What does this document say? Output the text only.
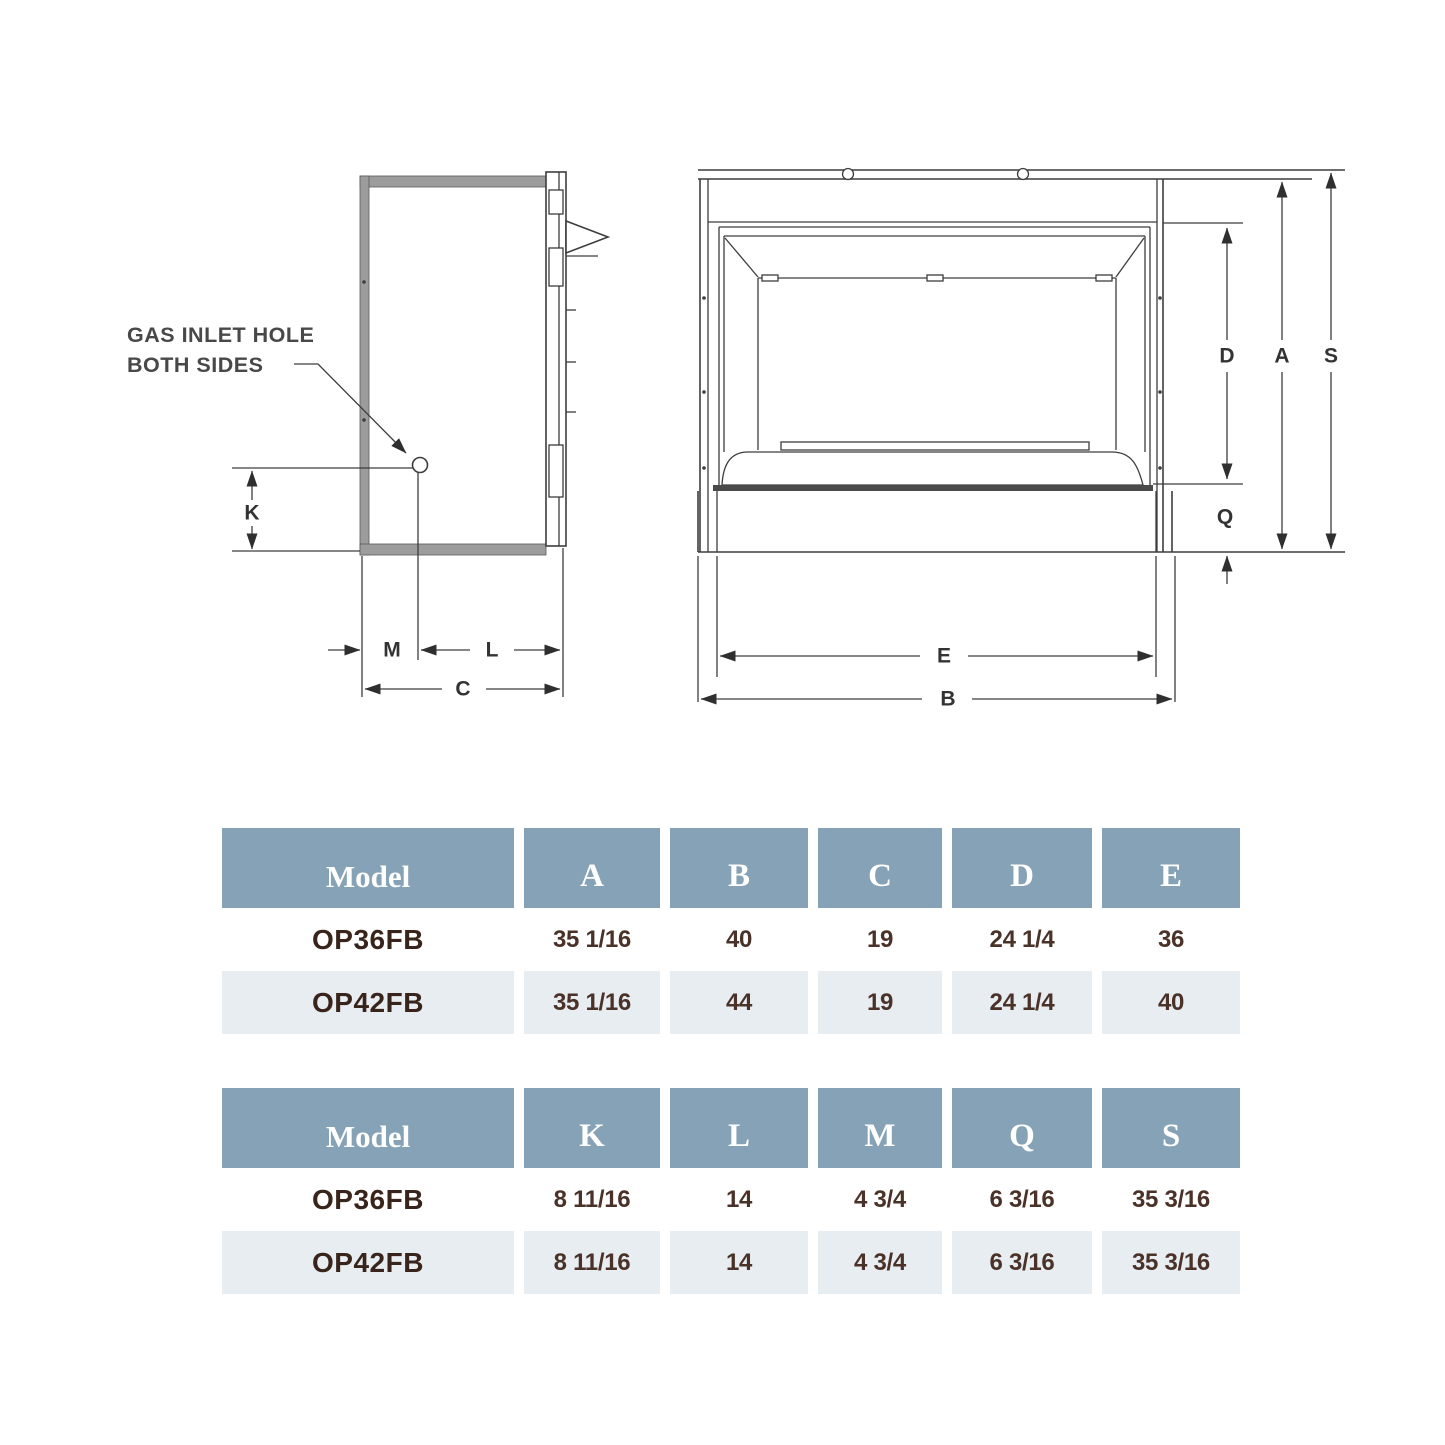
GAS INLET HOLE
BOTH SIDES
K
M	L
C
D A S
Q
E
B
Model	A	B	C	D	E
OP36FB	35 1/16	40	19	24 1/4	36
OP42FB	35 1/16	44	19	24 1/4	40
Model	K	L	M	Q	S
OP36FB	8 11/16	14	4 3/4	6 3/16	35 3/16
OP42FB	8 11/16	14	4 3/4	6 3/16	35 3/16
